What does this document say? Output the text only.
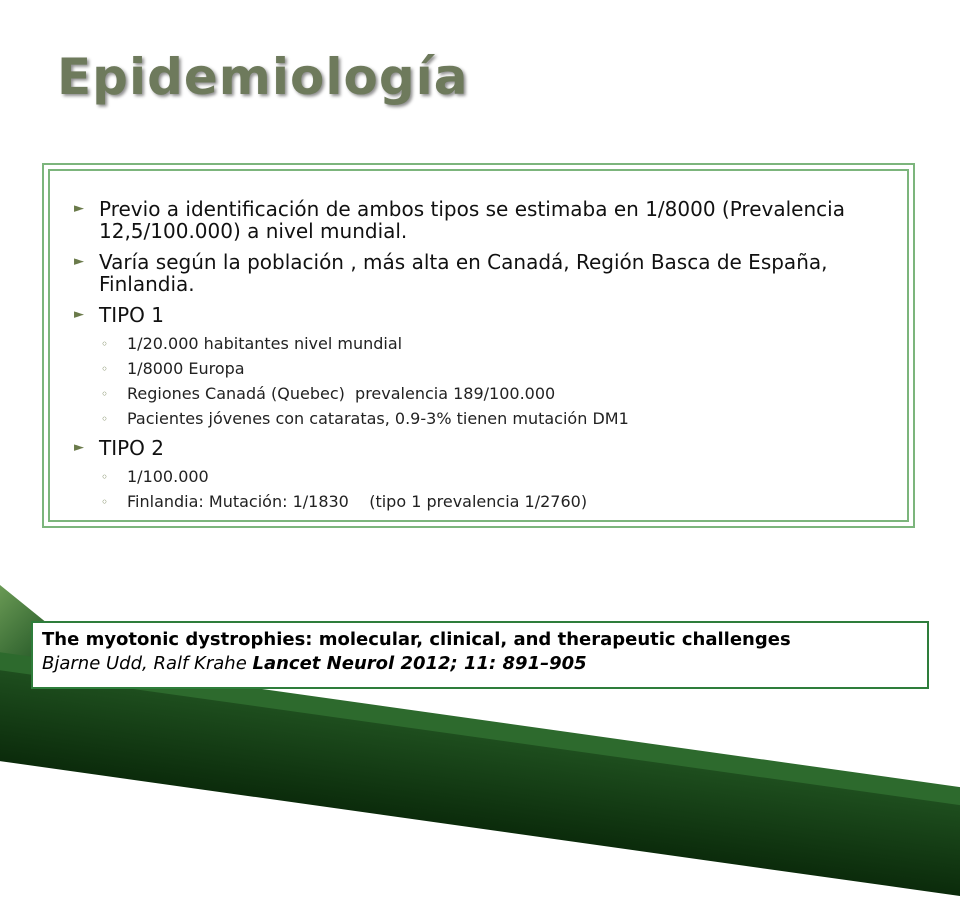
Epidemiología
► Previo a identificación de ambos tipos se estimaba en 1/8000 (Prevalencia 12,5/100.000) a nivel mundial.
► Varía según la población , más alta en Canadá, Región Basca de España, Finlandia.
► TIPO 1
◦ 1/20.000 habitantes nivel mundial
◦ 1/8000 Europa
◦ Regiones Canadá (Quebec)  prevalencia 189/100.000
◦ Pacientes jóvenes con cataratas, 0.9-3% tienen mutación DM1
► TIPO 2
◦ 1/100.000
◦ Finlandia: Mutación: 1/1830    (tipo 1 prevalencia 1/2760)
The myotonic dystrophies: molecular, clinical, and therapeutic challenges
Bjarne Udd, Ralf Krahe Lancet Neurol 2012; 11: 891–905
